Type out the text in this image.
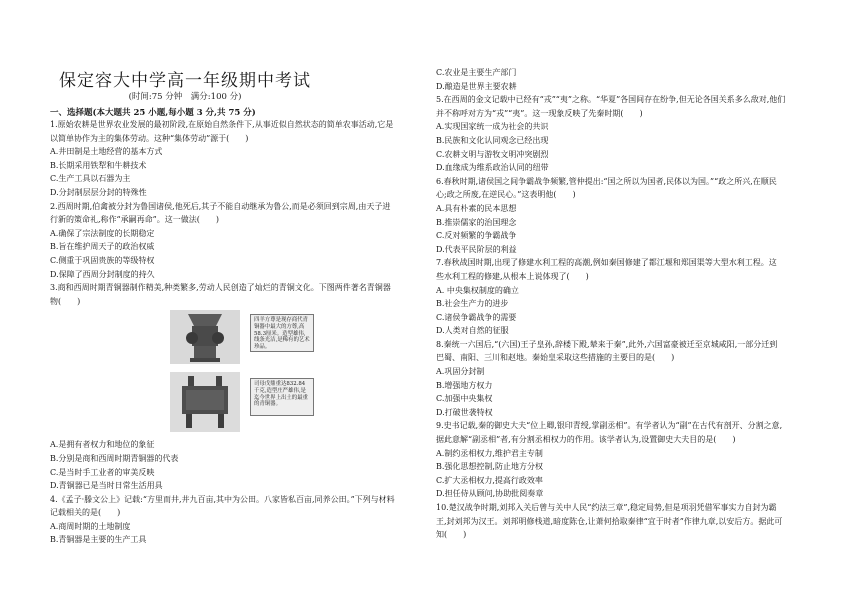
保定容大中学高一年级期中考试
(时间:75 分钟　满分:100 分)
一、选择题(本大题共 25 小题,每小题 3 分,共 75 分)
1.原始农耕是世界农业发展的最初阶段,在原始自然条件下,从事近似自然状态的简单农事活动,它是
以简单协作为主的集体劳动。这种“集体劳动”源于(　　)
A.井田制是土地经营的基本方式
B.长期采用铁犁和牛耕技术
C.生产工具以石器为主
D.分封制层层分封的特殊性
2.西周时期,伯禽被分封为鲁国诸侯,他死后,其子不能自动继承为鲁公,而是必须回到宗周,由天子进
行新的策命礼,称作“承嗣再命”。这一做法(　　)
A.确保了宗法制度的长期稳定
B.旨在维护周天子的政治权威
C.侧重于巩固贵族的等级特权
D.保障了西周分封制度的持久
3.商和西周时期青铜器制作精美,种类繁多,劳动人民创造了灿烂的青铜文化。下图两件著名青铜器
物(　　)
四羊方尊是现存商代青铜器中最大的方尊,高58.3厘米。造型雄伟,线条光洁,是稀有的艺术珍品。
司母戊鼎重达832.84千克,造型庄严雄伟,是迄今世界上出土的最重的青铜器。
A.是拥有者权力和地位的象征
B.分别是商和西周时期青铜器的代表
C.是当时手工业者的审美反映
D.青铜器已是当时日常生活用具
4.《孟子·滕文公上》记载:“方里而井,井九百亩,其中为公田。八家皆私百亩,同养公田。”下列与材料
记载相关的是(　　)
A.商周时期的土地制度
B.青铜器是主要的生产工具
C.农业是主要生产部门
D.酿造是世界主要农耕
5.在西周的金文记载中已经有“戎”“夷”之称。“华夏”各国间存在纷争,但无论各国关系多么敌对,他们
并不称呼对方为“戎”“夷”。这一现象反映了先秦时期(　　)
A.实现国家统一成为社会的共识
B.民族和文化认同观念已经出现
C.农耕文明与游牧文明冲突剧烈
D.血缘成为维系政治认同的纽带
6.春秋时期,诸侯国之间争霸战争频繁,管仲提出:“国之所以为国者,民体以为国。”“政之所兴,在顺民
心;政之所废,在逆民心。”这表明他(　　)
A.具有朴素的民本思想
B.推崇儒家的治国理念
C.反对频繁的争霸战争
D.代表平民阶层的利益
7.春秋战国时期,出现了修建水利工程的高潮,例如秦国修建了都江堰和郑国渠等大型水利工程。这
些水利工程的修建,从根本上说体现了(　　)
A. 中央集权制度的确立
B.社会生产力的进步
C.诸侯争霸战争的需要
D.人类对自然的征服
8.秦统一六国后,“(六国)王子皇孙,辞楼下殿,辇来于秦”,此外,六国富豪被迁至京城咸阳,一部分迁到
巴蜀、南阳、三川和赵地。秦始皇采取这些措施的主要目的是(　　)
A.巩固分封制
B.增强地方权力
C.加强中央集权
D.打破世袭特权
9.史书记载,秦的御史大夫“位上卿,银印青绶,掌副丞相”。有学者认为“副”在古代有剖开、分割之意,
据此意解“副丞相”者,有分割丞相权力的作用。该学者认为,设置御史大夫目的是(　　)
A.制约丞相权力,维护君主专制
B.强化思想控制,防止地方分权
C.扩大丞相权力,提高行政效率
D.担任侍从顾问,协助批阅奏章
10.楚汉战争时期,刘邦入关后曾与关中人民“约法三章”,稳定局势,但是项羽凭借军事实力自封为霸
王,封刘邦为汉王。刘邦明修栈道,暗度陈仓,让萧何拾取秦律“宜于时者”作律九章,以安后方。据此可
知(　　)
